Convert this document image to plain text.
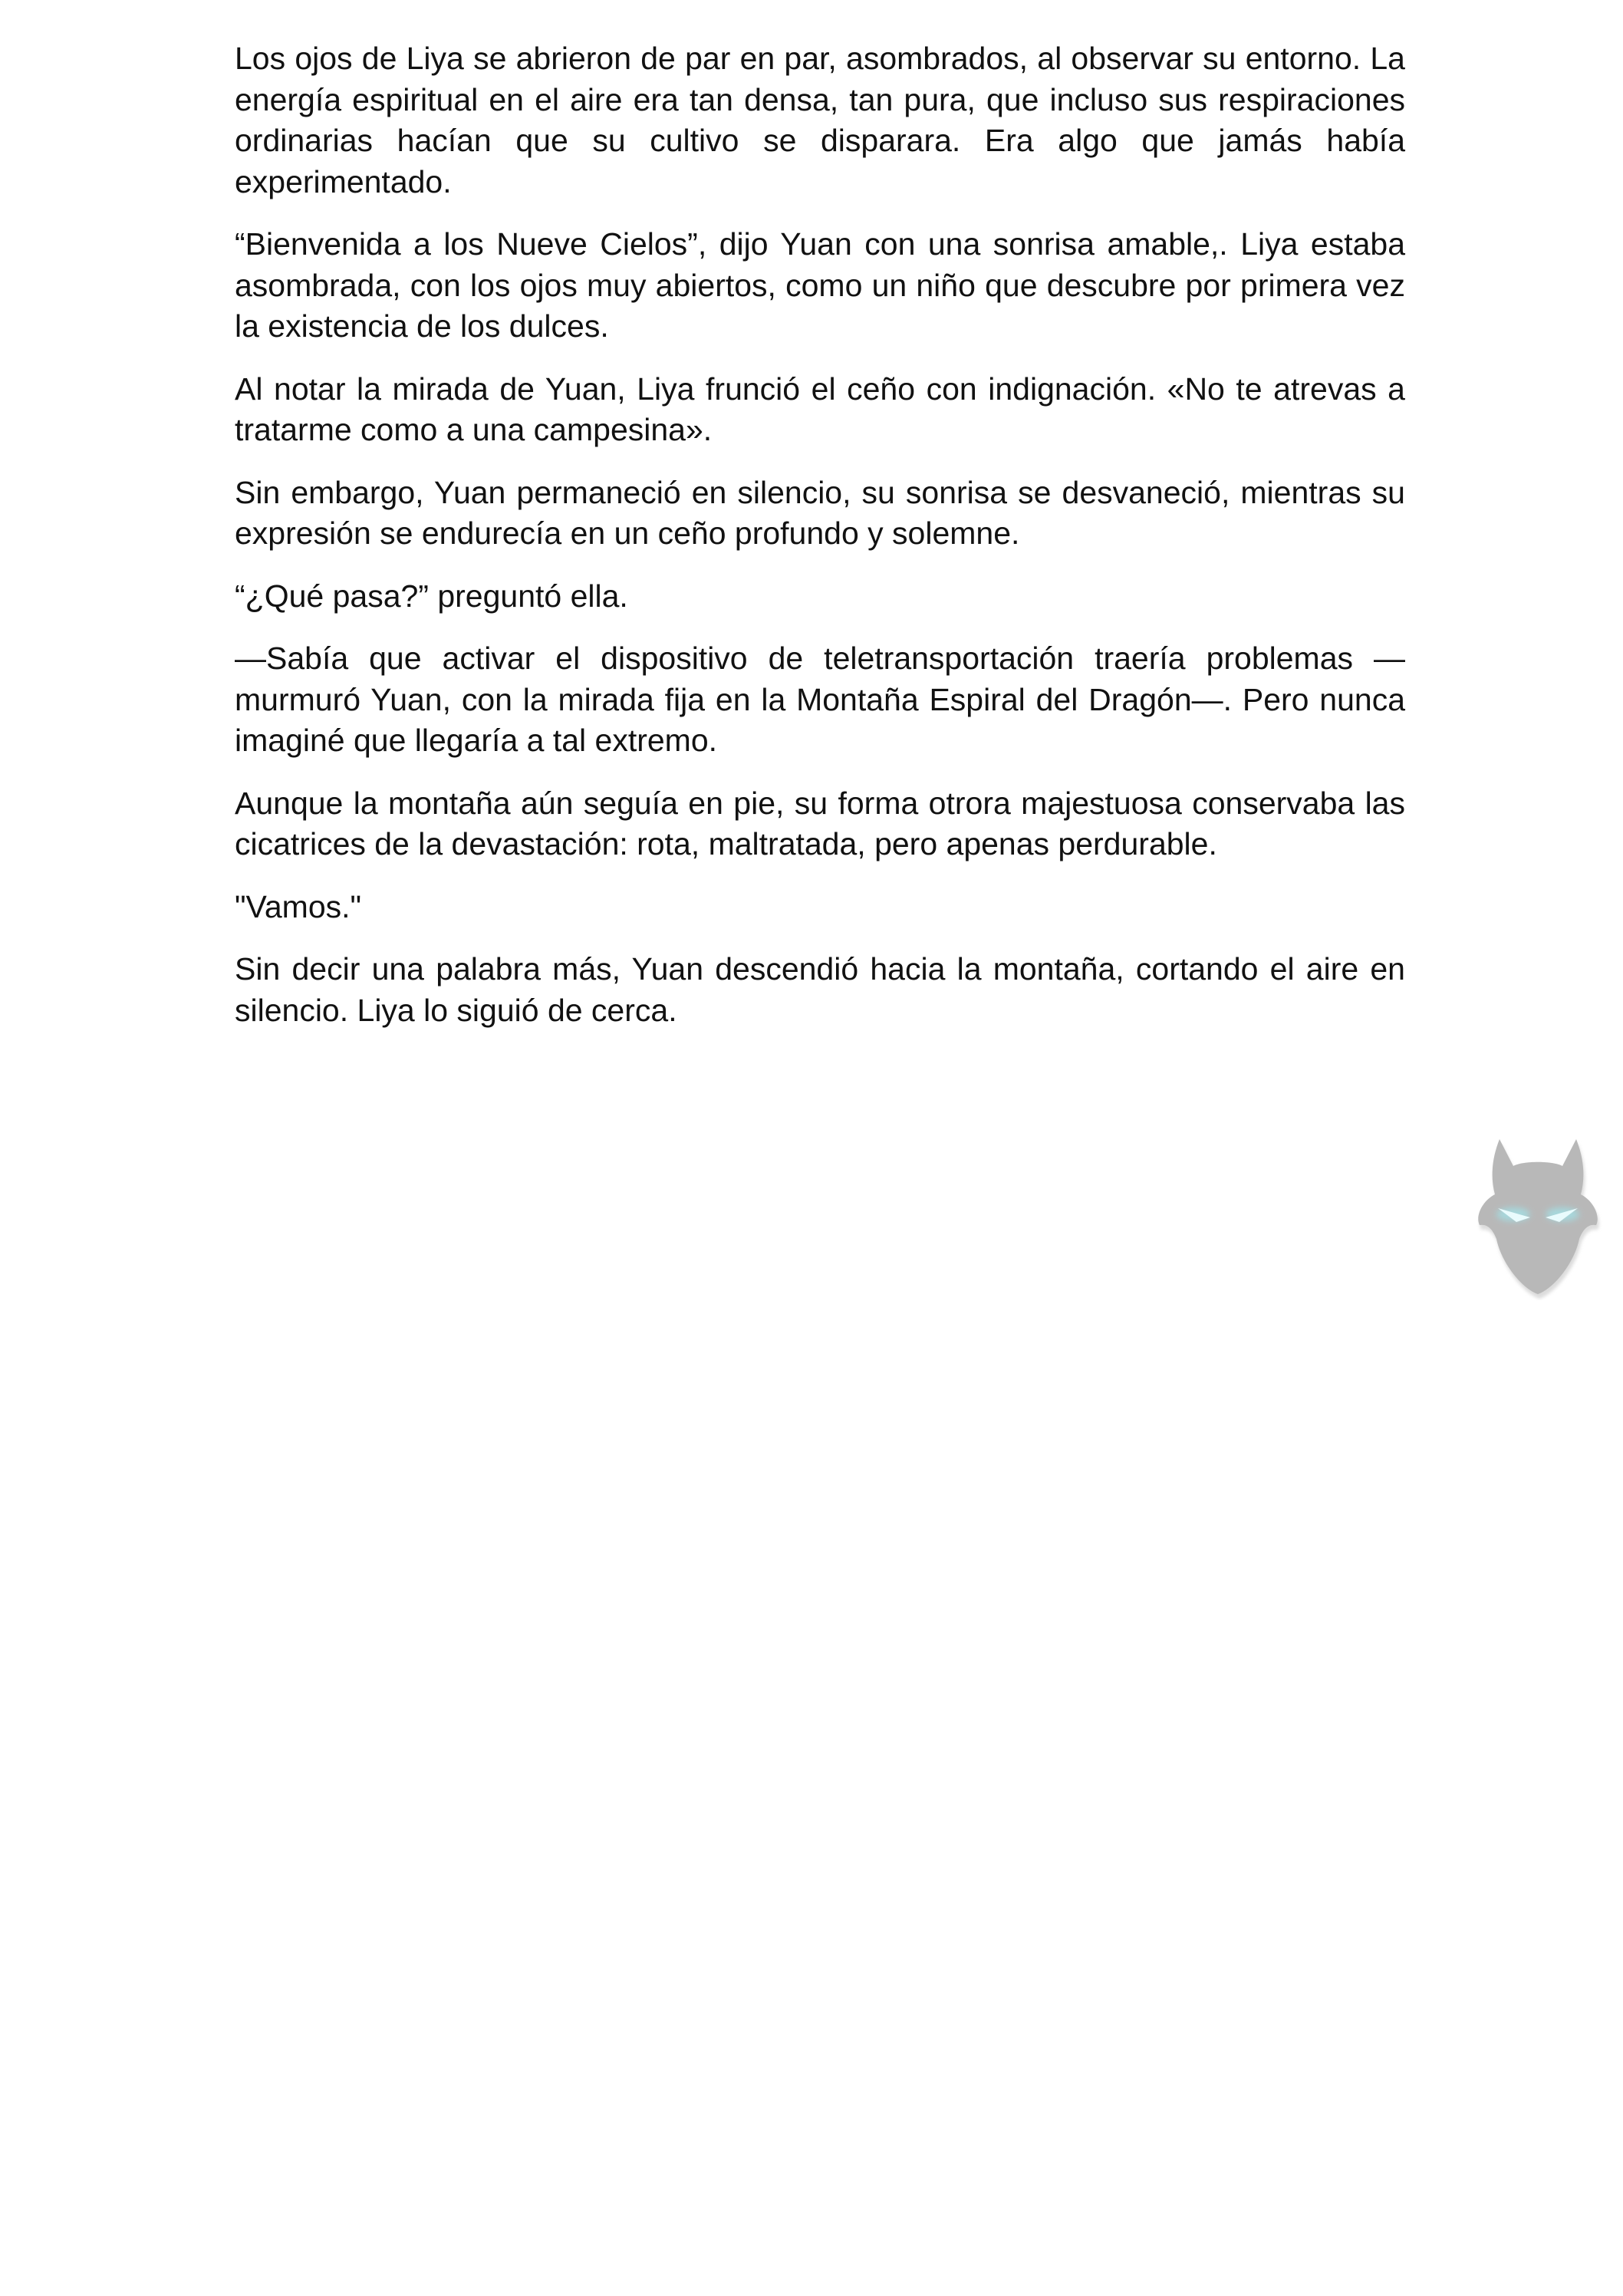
Los ojos de Liya se abrieron de par en par, asombrados, al observar su entorno. La energía espiritual en el aire era tan densa, tan pura, que incluso sus respiraciones ordinarias hacían que su cultivo se disparara. Era algo que jamás había experimentado.

“Bienvenida a los Nueve Cielos”, dijo Yuan con una sonrisa amable,. Liya estaba asombrada, con los ojos muy abiertos, como un niño que descubre por primera vez la existencia de los dulces.

Al notar la mirada de Yuan, Liya frunció el ceño con indignación. «No te atrevas a tratarme como a una campesina».

Sin embargo, Yuan permaneció en silencio, su sonrisa se desvaneció, mientras su expresión se endurecía en un ceño profundo y solemne.

“¿Qué pasa?” preguntó ella.

—Sabía que activar el dispositivo de teletransportación traería problemas —murmuró Yuan, con la mirada fija en la Montaña Espiral del Dragón—. Pero nunca imaginé que llegaría a tal extremo.

Aunque la montaña aún seguía en pie, su forma otrora majestuosa conservaba las cicatrices de la devastación: rota, maltratada, pero apenas perdurable.

"Vamos."

Sin decir una palabra más, Yuan descendió hacia la montaña, cortando el aire en silencio. Liya lo siguió de cerca.
